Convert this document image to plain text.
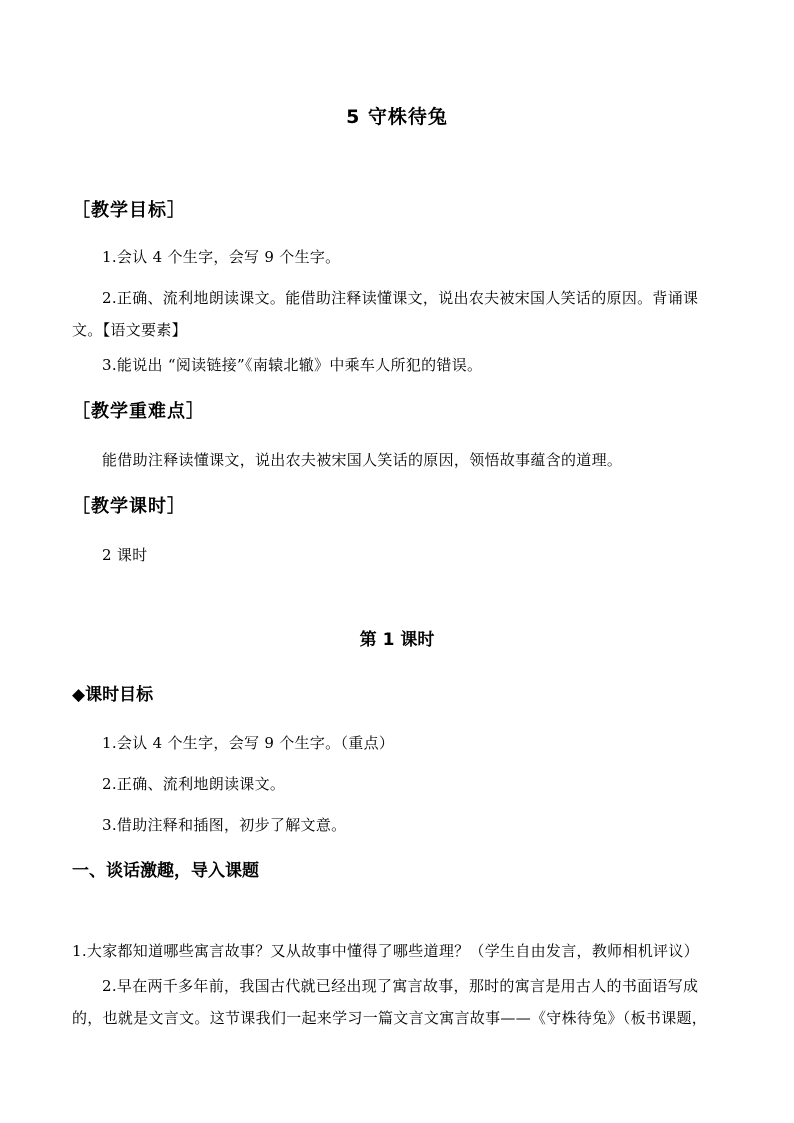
5 守株待兔
［教学目标］
1.会认 4 个生字，会写 9 个生字。
2.正确、流利地朗读课文。能借助注释读懂课文，说出农夫被宋国人笑话的原因。背诵课文。【语文要素】
3.能说出 “阅读链接”《南辕北辙》中乘车人所犯的错误。
［教学重难点］
能借助注释读懂课文，说出农夫被宋国人笑话的原因，领悟故事蕴含的道理。
［教学课时］
2 课时
第 1 课时
◆课时目标
1.会认 4 个生字，会写 9 个生字。（重点）
2.正确、流利地朗读课文。
3.借助注释和插图，初步了解文意。
一、谈话激趣，导入课题
1.大家都知道哪些寓言故事？又从故事中懂得了哪些道理？（学生自由发言，教师相机评议）
2.早在两千多年前，我国古代就已经出现了寓言故事，那时的寓言是用古人的书面语写成的，也就是文言文。这节课我们一起来学习一篇文言文寓言故事——《守株待兔》（板书课题，
